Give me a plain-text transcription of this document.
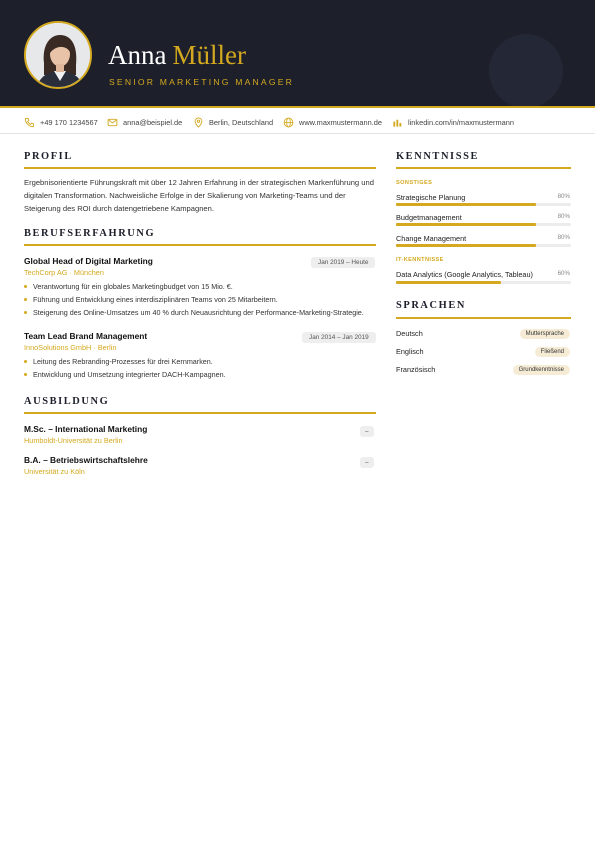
Anna Müller
SENIOR MARKETING MANAGER
+49 170 1234567	anna@beispiel.de	Berlin, Deutschland	www.maxmustermann.de	linkedin.com/in/maxmustermann
PROFIL
Ergebnisorientierte Führungskraft mit über 12 Jahren Erfahrung in der strategischen Markenführung und digitalen Transformation. Nachweisliche Erfolge in der Skalierung von Marketing-Teams und der Steigerung des ROI durch datengetriebene Kampagnen.
BERUFSERFAHRUNG
Global Head of Digital Marketing	Jan 2019 – Heute
TechCorp AG · München
Verantwortung für ein globales Marketingbudget von 15 Mio. €.
Führung und Entwicklung eines interdisziplinären Teams von 25 Mitarbeitern.
Steigerung des Online-Umsatzes um 40 % durch Neuausrichtung der Performance-Marketing-Strategie.
Team Lead Brand Management	Jan 2014 – Jan 2019
InnoSolutions GmbH · Berlin
Leitung des Rebranding-Prozesses für drei Kernmarken.
Entwicklung und Umsetzung integrierter DACH-Kampagnen.
AUSBILDUNG
M.Sc. – International Marketing	–
Humboldt-Universität zu Berlin
B.A. – Betriebswirtschaftslehre	–
Universität zu Köln
KENNTNISSE
SONSTIGES
Strategische Planung	80%
Budgetmanagement	80%
Change Management	80%
IT-KENNTNISSE
Data Analytics (Google Analytics, Tableau)	60%
SPRACHEN
Deutsch	Muttersprache
Englisch	Fließend
Französisch	Grundkenntnisse
